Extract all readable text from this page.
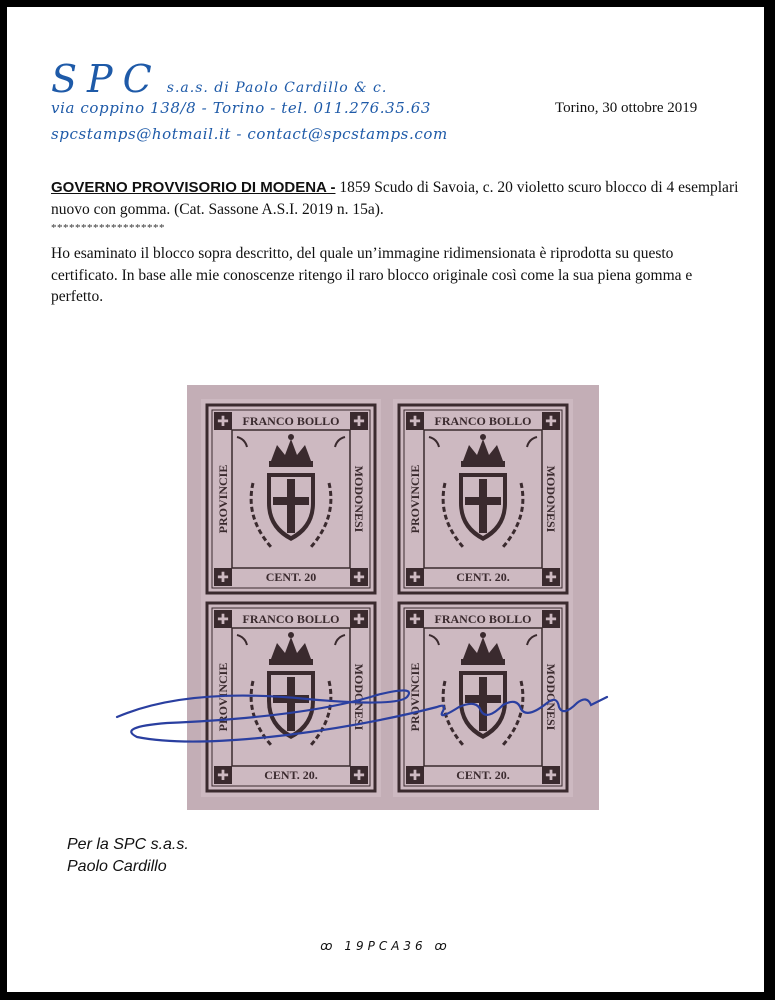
SPC s.a.s. di Paolo Cardillo & c.
via coppino 138/8 - Torino - tel. 011.276.35.63
spcstamps@hotmail.it - contact@spcstamps.com
Torino, 30 ottobre 2019
GOVERNO PROVVISORIO DI MODENA - 1859 Scudo di Savoia, c. 20 violetto scuro blocco di 4 esemplari nuovo con gomma. (Cat. Sassone A.S.I. 2019 n. 15a).
*******************
Ho esaminato il blocco sopra descritto, del quale un’immagine ridimensionata è riprodotta su questo certificato. In base alle mie conoscenze ritengo il raro blocco originale così come la sua piena gomma e perfetto.
FRANCO BOLLO	FRANCO BOLLO
FRANCO BOLLO	FRANCO BOLLO
CENT. 20	CENT. 20.
CENT. 20.	CENT. 20.
PROVINCIE	PROVINCIE
PROVINCIE	PROVINCIE
MODONESI	MODONESI
MODONESI	MODONESI
Per la SPC s.a.s.
Paolo Cardillo
ꝏ 19PCA36 ꝏ
